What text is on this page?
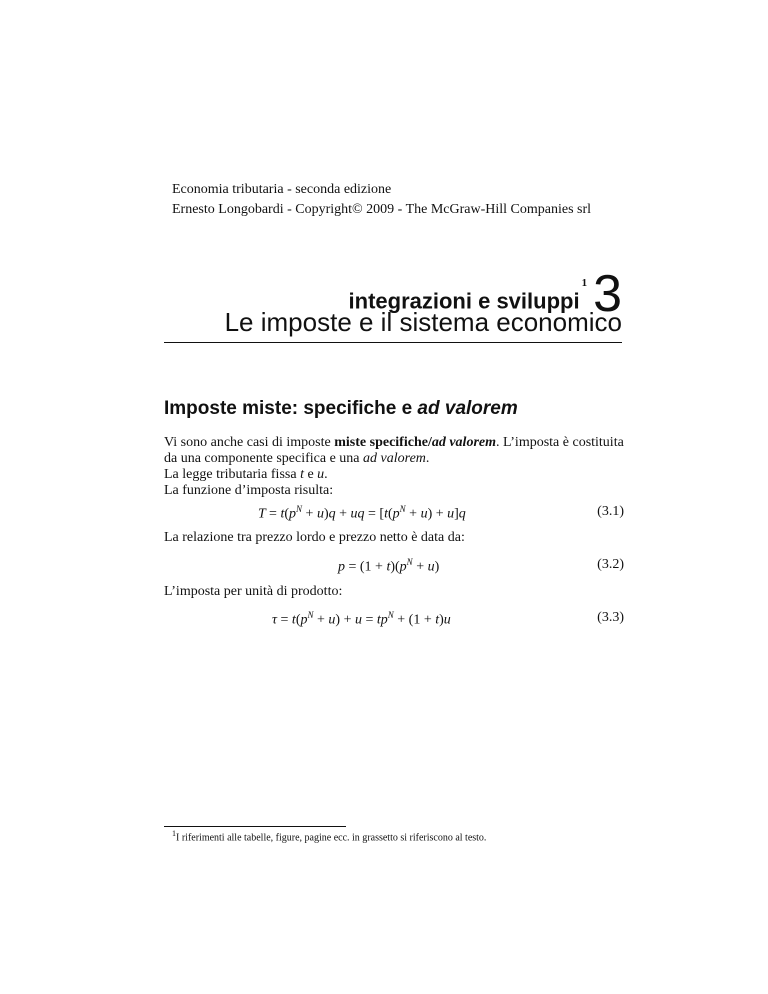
Economia tributaria - seconda edizione
Ernesto Longobardi - Copyright© 2009 - The McGraw-Hill Companies srl
integrazioni e sviluppi$^1$ 3
Le imposte e il sistema economico
Imposte miste: specifiche e ad valorem
Vi sono anche casi di imposte miste specifiche/ad valorem. L’imposta è costituita
da una componente specifica e una ad valorem.
La legge tributaria fissa t e u.
La funzione d’imposta risulta:
$T = t(p^N + u)q$ + uq = $[t(p^N + u) + u]q$	(3.1)
La relazione tra prezzo lordo e prezzo netto è data da:
$p = (1 + t)(p^N + u)$	(3.2)
L’imposta per unità di prodotto:
$\tau = t(p^N + u) + u = tp^N + (1 + t)u$	(3.3)
$^1$I riferimenti alle tabelle, figure, pagine ecc. in grassetto si riferiscono al testo.
